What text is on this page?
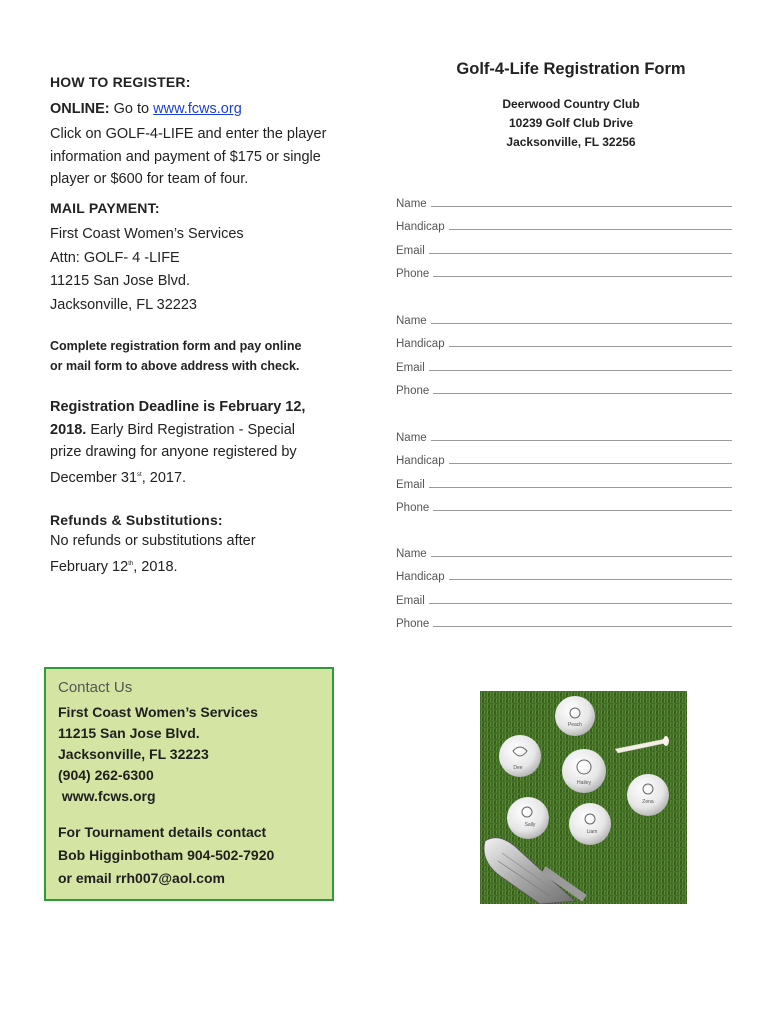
HOW TO REGISTER:
ONLINE: Go to www.fcws.org
Click on GOLF-4-LIFE and enter the player
information and payment of $175 or single
player or $600 for team of four.
MAIL PAYMENT:
First Coast Women’s Services
Attn: GOLF- 4 -LIFE
11215 San Jose Blvd.
Jacksonville, FL 32223
Complete registration form and pay online
or mail form to above address with check.
Registration Deadline is February 12,
2018. Early Bird Registration - Special
prize drawing for anyone registered by
December 31st, 2017.
Refunds & Substitutions:
No refunds or substitutions after
February 12th, 2018.
Golf-4-Life Registration Form
Deerwood Country Club
10239 Golf Club Drive
Jacksonville, FL 32256
Name
Handicap
Email
Phone
Name
Handicap
Email
Phone
Name
Handicap
Email
Phone
Name
Handicap
Email
Phone
Contact Us
First Coast Women’s Services
11215 San Jose Blvd.
Jacksonville, FL 32223
(904) 262-6300
www.fcws.org
For Tournament details contact
Bob Higginbotham 904-502-7920
or email rrh007@aol.com
Peach
Dee
Hailey
Zena
Sally
Liam
